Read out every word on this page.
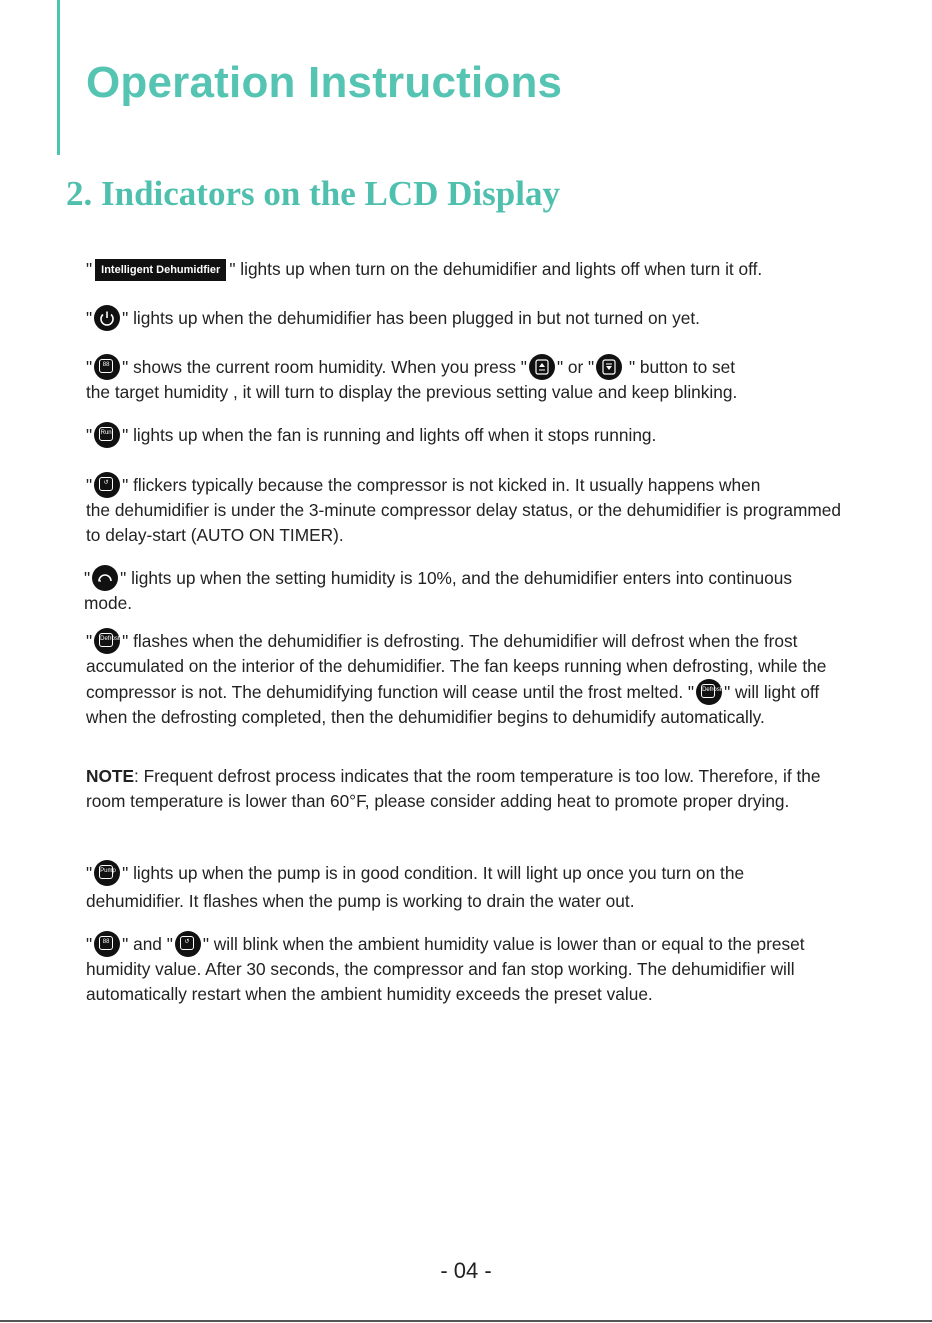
Operation Instructions
2. Indicators on the LCD Display
" Intelligent Dehumidfier " lights up when turn on the dehumidifier and lights off when turn it off.
" " lights up when the dehumidifier has been plugged in but not turned on yet.
"	88 " shows the current room humidity. When you press " " or "
" button to set
the target humidity , it will turn to display the previous setting value and keep blinking.
" Run " lights up when the fan is running and lights off when it stops running.
"	↺ " flickers typically because the compressor is not kicked in. It usually happens when
the dehumidifier is under the 3-minute compressor delay status, or the dehumidifier is programmed to delay-start (AUTO ON TIMER).
" " lights up when the setting humidity is 10%, and the dehumidifier enters into continuous mode.
" Defrost " flashes when the dehumidifier is defrosting. The dehumidifier will defrost when the frost accumulated on the interior of the dehumidifier. The fan keeps running when defrosting, while the compressor is not. The dehumidifying function will cease until the frost melted. " Defrost " will light off when the defrosting completed, then the dehumidifier begins to dehumidify automatically.
NOTE: Frequent defrost process indicates that the room temperature is too low. Therefore, if the room temperature is lower than 60°F, please consider adding heat to promote proper drying.
" Pump " lights up when the pump is in good condition. It will light up once you turn on the dehumidifier. It flashes when the pump is working to drain the water out.
"	88 " and "	↺ " will blink when the ambient humidity value is lower than or equal to the preset humidity value. After 30 seconds, the compressor and fan stop working. The dehumidifier will automatically restart when the ambient humidity exceeds the preset value.
- 04 -
